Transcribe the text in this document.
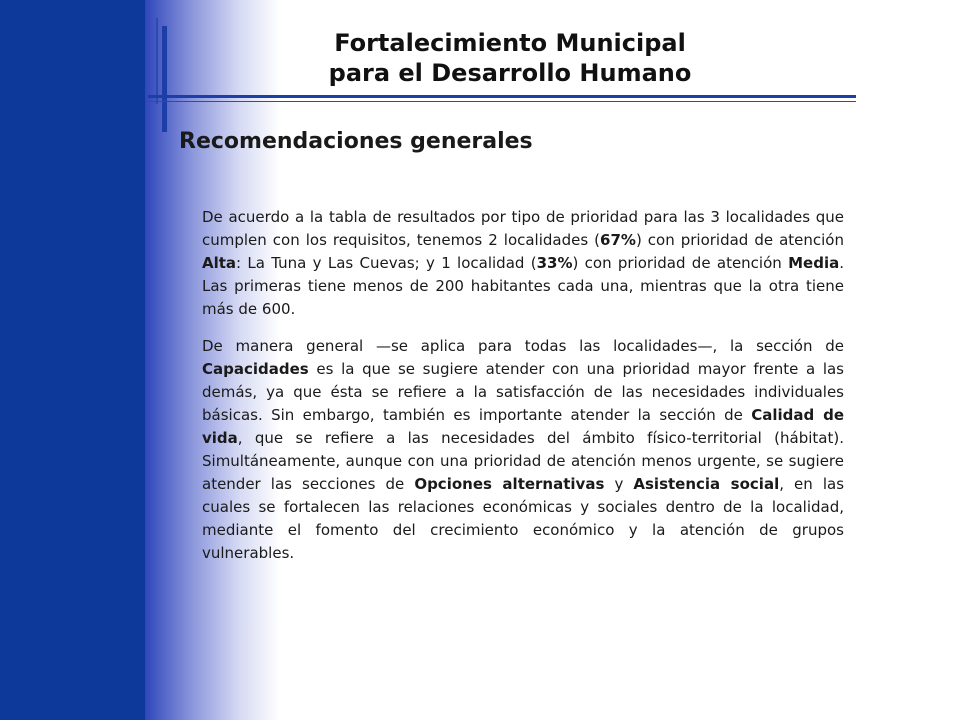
Fortalecimiento Municipal
para el Desarrollo Humano
Recomendaciones generales

De acuerdo a la tabla de resultados por tipo de prioridad para las 3 localidades que cumplen con los requisitos, tenemos 2 localidades (67%) con prioridad de atención Alta: La Tuna y Las Cuevas; y 1 localidad (33%) con prioridad de atención Media. Las primeras tiene menos de 200 habitantes cada una, mientras que la otra tiene más de 600.

De manera general —se aplica para todas las localidades—, la sección de Capacidades es la que se sugiere atender con una prioridad mayor frente a las demás, ya que ésta se refiere a la satisfacción de las necesidades individuales básicas. Sin embargo, también es importante atender la sección de Calidad de vida, que se refiere a las necesidades del ámbito físico-territorial (hábitat). Simultáneamente, aunque con una prioridad de atención menos urgente, se sugiere atender las secciones de Opciones alternativas y Asistencia social, en las cuales se fortalecen las relaciones económicas y sociales dentro de la localidad, mediante el fomento del crecimiento económico y la atención de grupos vulnerables.
